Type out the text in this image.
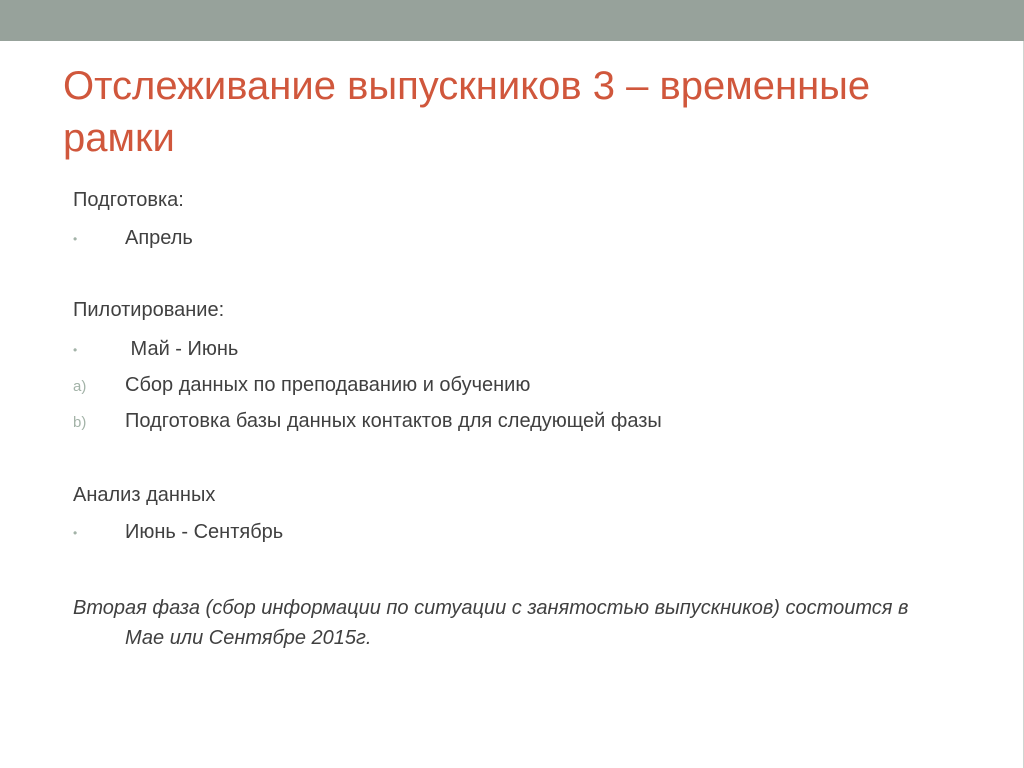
Отслеживание выпускников 3 – временные рамки
Подготовка:
• Апрель
Пилотирование:
• Май - Июнь
a) Сбор данных по преподаванию и обучению
b) Подготовка базы данных контактов для следующей фазы
Анализ данных
• Июнь - Сентябрь
Вторая фаза (сбор информации по ситуации с занятостью выпускников) состоится в Мае или Сентябре 2015г.
